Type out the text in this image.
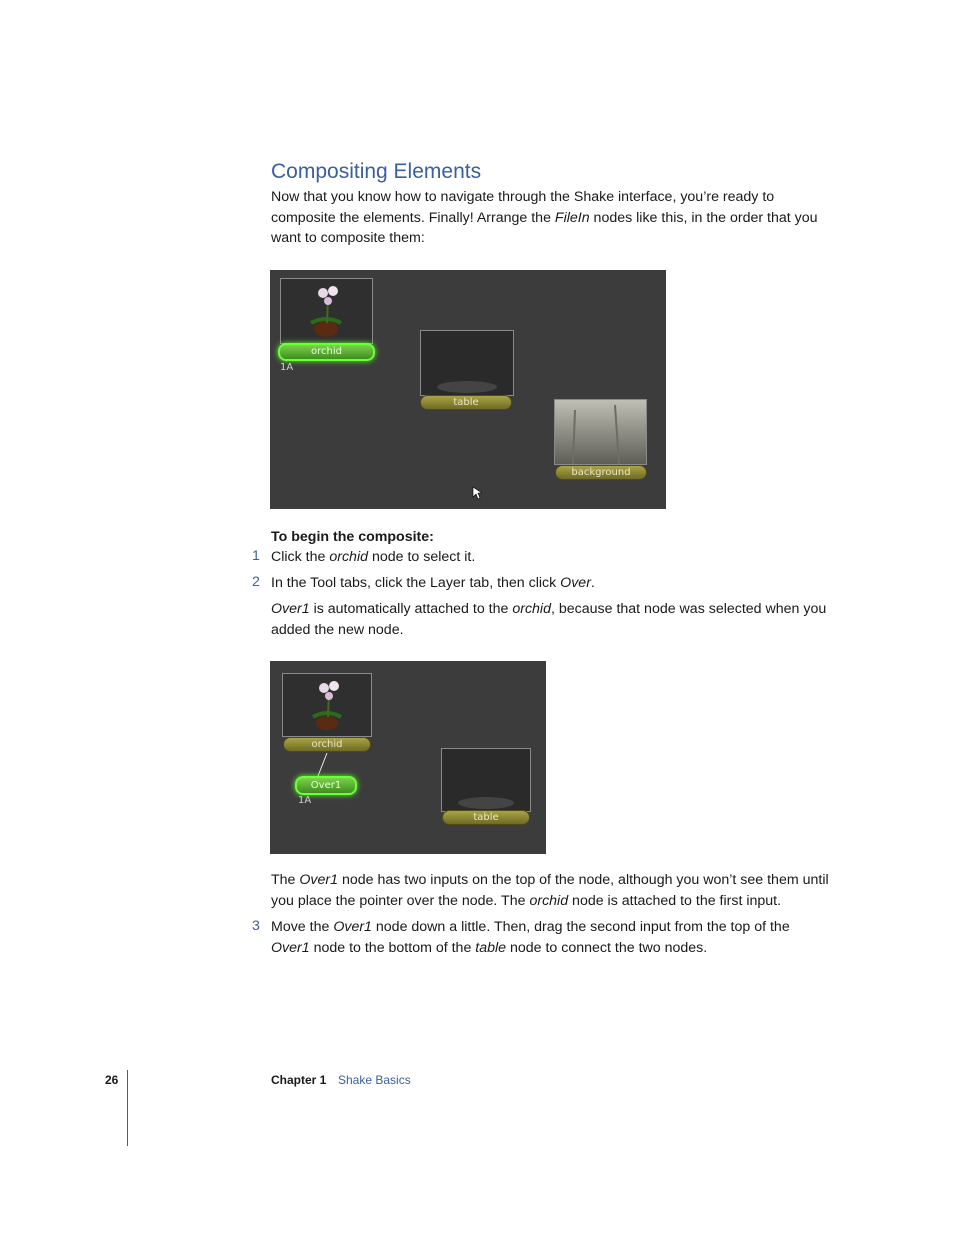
Compositing Elements

Now that you know how to navigate through the Shake interface, you’re ready to composite the elements. Finally! Arrange the FileIn nodes like this, in the order that you want to composite them:

orchid
1A
table
background

To begin the composite:

1 Click the orchid node to select it.

2 In the Tool tabs, click the Layer tab, then click Over.

Over1 is automatically attached to the orchid, because that node was selected when you added the new node.

orchid
Over1
1A
table

The Over1 node has two inputs on the top of the node, although you won’t see them until you place the pointer over the node. The orchid node is attached to the first input.

3 Move the Over1 node down a little. Then, drag the second input from the top of the Over1 node to the bottom of the table node to connect the two nodes.

26	Chapter 1 Shake Basics
